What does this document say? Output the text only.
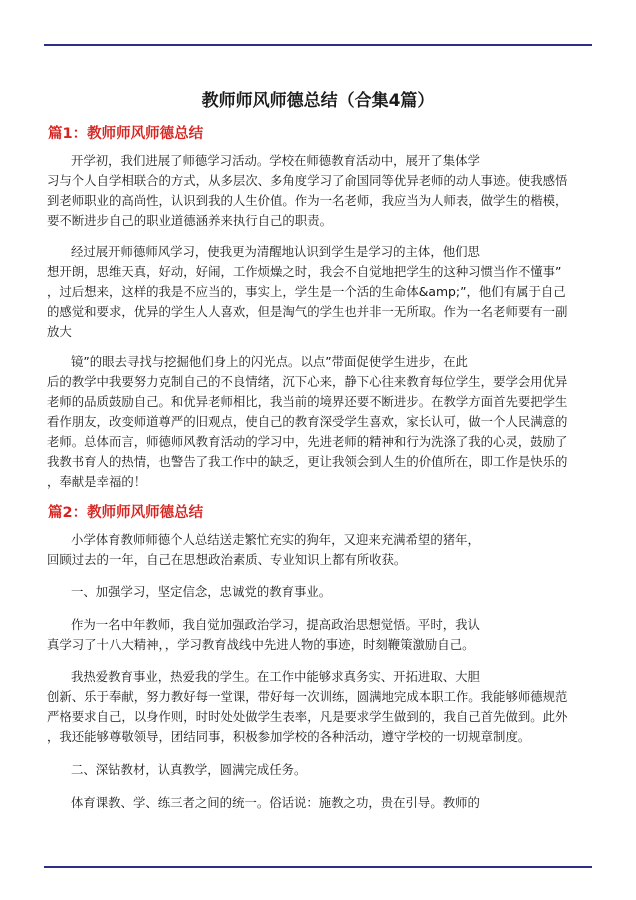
教师师风师德总结（合集4篇）
篇1：教师师风师德总结
开学初，我们进展了师德学习活动。学校在师德教育活动中，展开了集体学
习与个人自学相联合的方式，从多层次、多角度学习了俞国同等优异老师的动人事迹。使我感悟
到老师职业的高尚性，认识到我的人生价值。作为一名老师，我应当为人师表，做学生的楷模，
要不断进步自己的职业道德涵养来执行自己的职责。
经过展开师德师风学习，使我更为清醒地认识到学生是学习的主体，他们思
想开朗，思维天真，好动，好闹，工作烦燥之时，我会不自觉地把学生的这种习惯当作不懂事”
，过后想来，这样的我是不应当的，事实上，学生是一个活的生命体&amp;”，他们有属于自己
的感觉和要求，优异的学生人人喜欢，但是淘气的学生也并非一无所取。作为一名老师要有一副
放大
镜”的眼去寻找与挖掘他们身上的闪光点。以点”带面促使学生进步，在此
后的教学中我要努力克制自己的不良情绪，沉下心来，静下心往来教育每位学生，要学会用优异
老师的品质鼓励自己。和优异老师相比，我当前的境界还要不断进步。在教学方面首先要把学生
看作朋友，改变师道尊严的旧观点，使自己的教育深受学生喜欢，家长认可，做一个人民满意的
老师。总体而言，师德师风教育活动的学习中，先进老师的精神和行为洗涤了我的心灵，鼓励了
我教书育人的热情，也警告了我工作中的缺乏，更让我领会到人生的价值所在，即工作是快乐的
，奉献是幸福的！
篇2：教师师风师德总结
小学体育教师师德个人总结送走繁忙充实的狗年，又迎来充满希望的猪年，
回顾过去的一年，自己在思想政治素质、专业知识上都有所收获。
一、加强学习，坚定信念，忠诚党的教育事业。
作为一名中年教师，我自觉加强政治学习，提高政治思想觉悟。平时，我认
真学习了十八大精神，，学习教育战线中先进人物的事迹，时刻鞭策激励自己。
我热爱教育事业，热爱我的学生。在工作中能够求真务实、开拓进取、大胆
创新、乐于奉献，努力教好每一堂课，带好每一次训练，圆满地完成本职工作。我能够师德规范
严格要求自己，以身作则，时时处处做学生表率，凡是要求学生做到的，我自己首先做到。此外
，我还能够尊敬领导，团结同事，积极参加学校的各种活动，遵守学校的一切规章制度。
二、深钻教材，认真教学，圆满完成任务。
体育课教、学、练三者之间的统一。俗话说：施教之功，贵在引导。教师的
